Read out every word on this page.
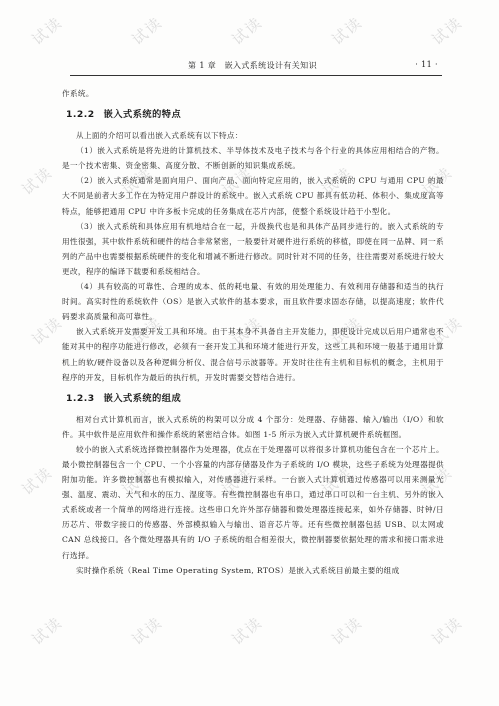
试读	试读	试读	试读	试读
试读	试读	试读	试读	试读
试读	试读	试读	试读	试读
试读	试读	试读	试读	试读
试读	试读	试读	试读	试读
第 1 章　嵌入式系统设计有关知识	· 11 ·

作系统。

1.2.2 嵌入式系统的特点

从上面的介绍可以看出嵌入式系统有以下特点：

（1）嵌入式系统是将先进的计算机技术、半导体技术及电子技术与各个行业的具体应用相结合的产物。是一个技术密集、资金密集、高度分散、不断创新的知识集成系统。

（2）嵌入式系统通常是面向用户、面向产品、面向特定应用的，嵌入式系统的 CPU 与通用 CPU 的最大不同是前者大多工作在为特定用户群设计的系统中。嵌入式系统 CPU 都具有低功耗、体积小、集成度高等特点，能够把通用 CPU 中许多板卡完成的任务集成在芯片内部，使整个系统设计趋于小型化。

（3）嵌入式系统和具体应用有机地结合在一起，升级换代也是和具体产品同步进行的。嵌入式系统的专用性很强，其中软件系统和硬件的结合非常紧密，一般要针对硬件进行系统的移植，即使在同一品牌、同一系列的产品中也需要根据系统硬件的变化和增减不断进行修改。同时针对不同的任务，往往需要对系统进行较大更改，程序的编译下载要和系统相结合。

（4）具有较高的可靠性、合理的成本、低的耗电量、有效的用处理能力、有效利用存储器和适当的执行时间。高实时性的系统软件（OS）是嵌入式软件的基本要求，而且软件要求固态存储，以提高速度；软件代码要求高质量和高可靠性。

嵌入式系统开发需要开发工具和环境。由于其本身不具备自主开发能力，即使设计完成以后用户通常也不能对其中的程序功能进行修改，必须有一套开发工具和环境才能进行开发，这些工具和环境一般基于通用计算机上的软/硬件设备以及各种逻辑分析仪、混合信号示波器等。开发时往往有主机和目标机的概念，主机用于程序的开发，目标机作为最后的执行机，开发时需要交替结合进行。

1.2.3 嵌入式系统的组成

相对台式计算机而言，嵌入式系统的构架可以分成 4 个部分：处理器、存储器、输入/输出（I/O）和软件。其中软件是应用软件和操作系统的紧密结合体。如图 1-5 所示为嵌入式计算机硬件系统框图。

较小的嵌入式系统选择微控制器作为处理器，优点在于处理器可以将很多计算机功能包含在一个芯片上。最小微控制器包含一个 CPU、一个小容量的内部存储器及作为子系统的 I/O 模块，这些子系统为处理器提供附加功能。许多微控制器也有模拟输入，对传感器进行采样。一台嵌入式计算机通过传感器可以用来测量光强、温度、震动、大气和水的压力、湿度等。有些微控制器也有串口，通过串口可以和一台主机、另外的嵌入式系统或者一个简单的网络进行连接。这些串口允许外部存储器和微处理器连接起来，如外存储器、时钟/日历芯片、带数字接口的传感器、外部模拟输入与输出、语音芯片等。还有些微控制器包括 USB、以太网或 CAN 总线接口。各个微处理器具有的 I/O 子系统的组合相差很大，微控制器要依据处理的需求和接口需求进行选择。

实时操作系统（Real Time Operating System, RTOS）是嵌入式系统目前最主要的组成
